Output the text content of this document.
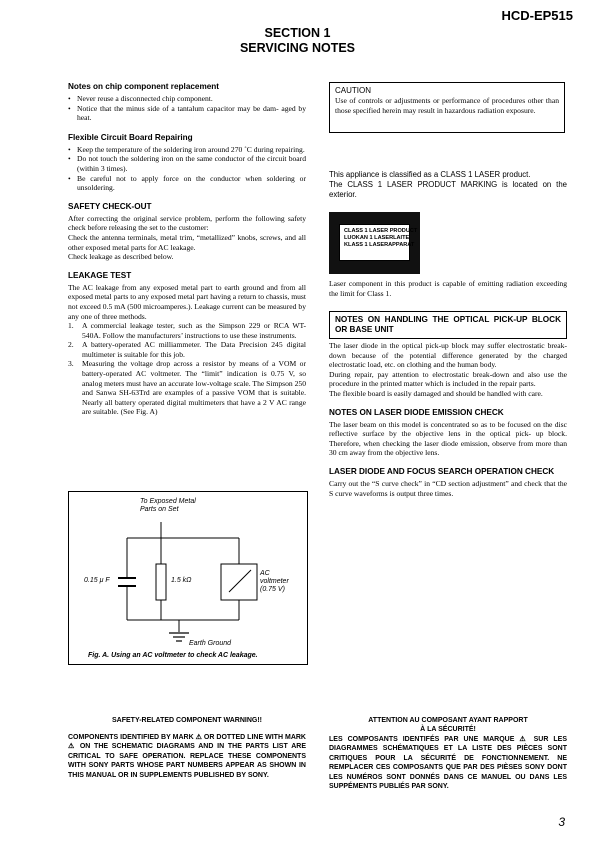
HCD-EP515
SECTION 1
SERVICING NOTES
Notes on chip component replacement
• Never reuse a disconnected chip component.
• Notice that the minus side of a tantalum capacitor may be dam- aged by heat.
Flexible Circuit Board Repairing
• Keep the temperature of the soldering iron around 270 ˚C during repairing.
• Do not touch the soldering iron on the same conductor of the circuit board (within 3 times).
• Be careful not to apply force on the conductor when soldering or unsoldering.
SAFETY CHECK-OUT
After correcting the original service problem, perform the following safety check before releasing the set to the customer:
Check the antenna terminals, metal trim, “metallized” knobs, screws, and all other exposed metal parts for AC leakage.
Check leakage as described below.
LEAKAGE TEST
The AC leakage from any exposed metal part to earth ground and from all exposed metal parts to any exposed metal part having a return to chassis, must not exceed 0.5 mA (500 microamperes.). Leakage current can be measured by any one of three methods.
1. A commercial leakage tester, such as the Simpson 229 or RCA WT-540A. Follow the manufacturers’ instructions to use these instruments.
2. A battery-operated AC milliammeter. The Data Precision 245 digital multimeter is suitable for this job.
3. Measuring the voltage drop across a resistor by means of a VOM or battery-operated AC voltmeter. The “limit” indication is 0.75 V, so analog meters must have an accurate low-voltage scale. The Simpson 250 and Sanwa SH-63Trd are examples of a passive VOM that is suitable. Nearly all battery operated digital multimeters that have a 2 V AC range are suitable. (See Fig. A)
To Exposed Metal
Parts on Set
0.15 μ F	1.5 kΩ
AC
voltmeter
(0.75 V)
Earth Ground
Fig. A. Using an AC voltmeter to check AC leakage.
CAUTION
Use of controls or adjustments or performance of procedures other than those specified herein may result in hazardous radiation exposure.
This appliance is classified as a CLASS 1 LASER product.
The CLASS 1 LASER PRODUCT MARKING is located on the exterior.
CLASS 1 LASER PRODUCT
LUOKAN 1 LASERLAITE
KLASS 1 LASERAPPARAT
Laser component in this product is capable of emitting radiation exceeding the limit for Class 1.
NOTES ON HANDLING THE OPTICAL PICK-UP BLOCK OR BASE UNIT
The laser diode in the optical pick-up block may suffer electrostatic break-down because of the potential difference generated by the charged electrostatic load, etc. on clothing and the human body.
During repair, pay attention to electrostatic break-down and also use the procedure in the printed matter which is included in the repair parts.
The flexible board is easily damaged and should be handled with care.
NOTES ON LASER DIODE EMISSION CHECK
The laser beam on this model is concentrated so as to be focused on the disc reflective surface by the objective lens in the optical pick- up block. Therefore, when checking the laser diode emission, observe from more than 30 cm away from the objective lens.
LASER DIODE AND FOCUS SEARCH OPERATION CHECK
Carry out the “S curve check” in “CD section adjustment” and check that the S curve waveforms is output three times.
SAFETY-RELATED COMPONENT WARNING!!
COMPONENTS IDENTIFIED BY MARK ⚠ OR DOTTED LINE WITH MARK ⚠ ON THE SCHEMATIC DIAGRAMS AND IN THE PARTS LIST ARE CRITICAL TO SAFE OPERATION. REPLACE THESE COMPONENTS WITH SONY PARTS WHOSE PART NUMBERS APPEAR AS SHOWN IN THIS MANUAL OR IN SUPPLEMENTS PUBLISHED BY SONY.
ATTENTION AU COMPOSANT AYANT RAPPORT
À LA SÉCURITÉ!
LES COMPOSANTS IDENTIFÉS PAR UNE MARQUE ⚠ SUR LES DIAGRAMMES SCHÉMATIQUES ET LA LISTE DES PIÈCES SONT CRITIQUES POUR LA SÉCURITÉ DE FONCTIONNEMENT. NE REMPLACER CES COMPOSANTS QUE PAR DES PIÈSES SONY DONT LES NUMÉROS SONT DONNÉS DANS CE MANUEL OU DANS LES SUPPÉMENTS PUBLIÉS PAR SONY.
3
